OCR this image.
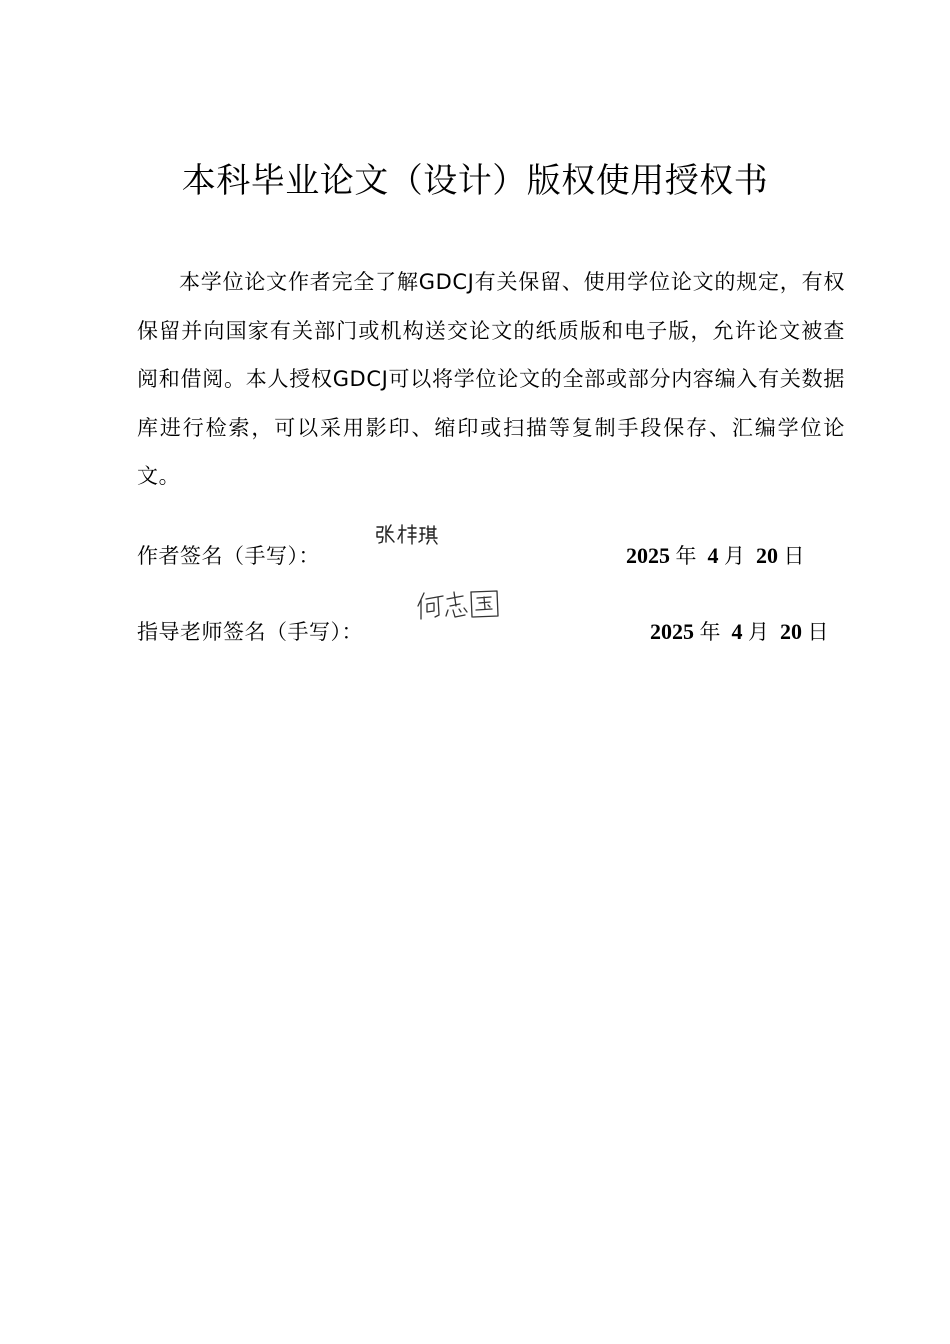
本科毕业论文（设计）版权使用授权书

本学位论文作者完全了解GDCJ有关保留、使用学位论文的规定，有权保留并向国家有关部门或机构送交论文的纸质版和电子版，允许论文被查阅和借阅。本人授权GDCJ可以将学位论文的全部或部分内容编入有关数据库进行检索，可以采用影印、缩印或扫描等复制手段保存、汇编学位论文。

作者签名（手写）：	2025 年 4 月 20 日
指导老师签名（手写）：	2025 年 4 月 20 日
